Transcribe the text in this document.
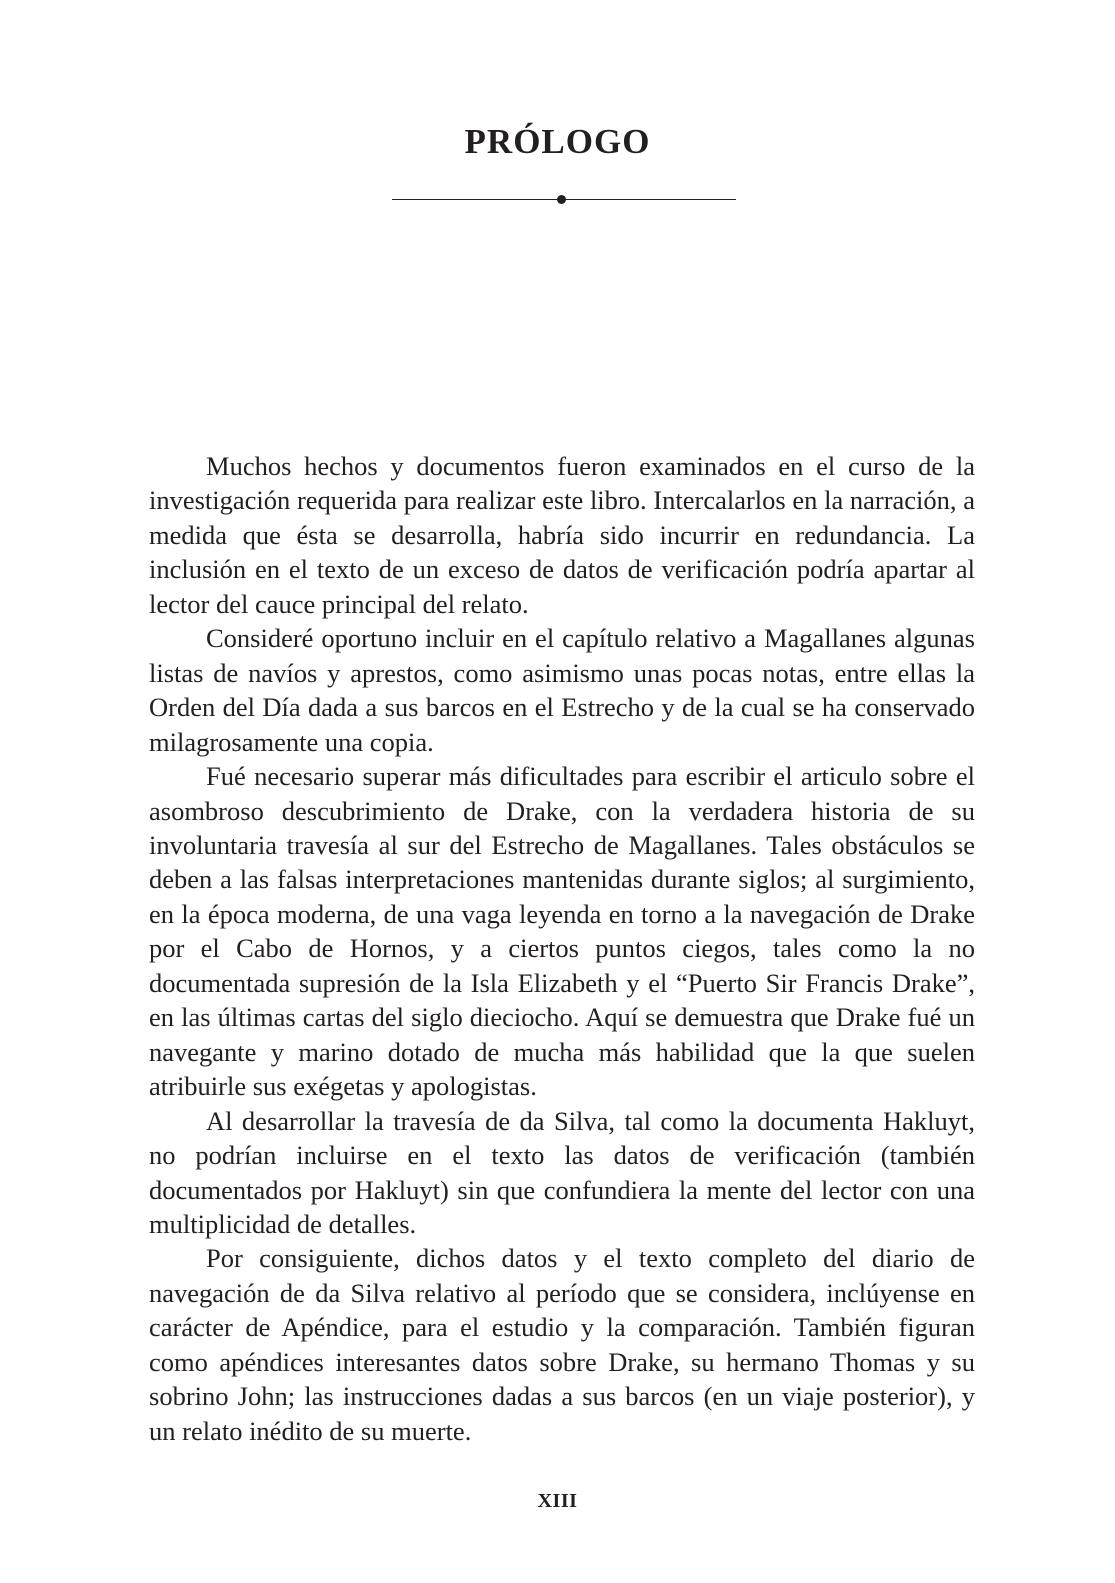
PRÓLOGO

Muchos hechos y documentos fueron examinados en el curso de la investigación requerida para realizar este libro. Intercalarlos en la narración, a medida que ésta se desarrolla, habría sido incurrir en redundancia. La inclusión en el texto de un exceso de datos de verificación podría apartar al lector del cauce principal del relato.

Consideré oportuno incluir en el capítulo relativo a Magallanes algunas listas de navíos y aprestos, como asimismo unas pocas notas, entre ellas la Orden del Día dada a sus barcos en el Estrecho y de la cual se ha conservado milagrosamente una copia.

Fué necesario superar más dificultades para escribir el articulo sobre el asombroso descubrimiento de Drake, con la verdadera historia de su involuntaria travesía al sur del Estrecho de Magallanes. Tales obstáculos se deben a las falsas interpretaciones mantenidas durante siglos; al surgimiento, en la época moderna, de una vaga leyenda en torno a la navegación de Drake por el Cabo de Hornos, y a ciertos puntos ciegos, tales como la no documentada supresión de la Isla Elizabeth y el “Puerto Sir Francis Drake”, en las últimas cartas del siglo dieciocho. Aquí se demuestra que Drake fué un navegante y marino dotado de mucha más habilidad que la que suelen atribuirle sus exégetas y apologistas.

Al desarrollar la travesía de da Silva, tal como la documenta Hakluyt, no podrían incluirse en el texto las datos de verificación (también documentados por Hakluyt) sin que confundiera la mente del lector con una multiplicidad de detalles.

Por consiguiente, dichos datos y el texto completo del diario de navegación de da Silva relativo al período que se considera, inclúyense en carácter de Apéndice, para el estudio y la comparación. También figuran como apéndices interesantes datos sobre Drake, su hermano Thomas y su sobrino John; las instrucciones dadas a sus barcos (en un viaje posterior), y un relato inédito de su muerte.

XIII
